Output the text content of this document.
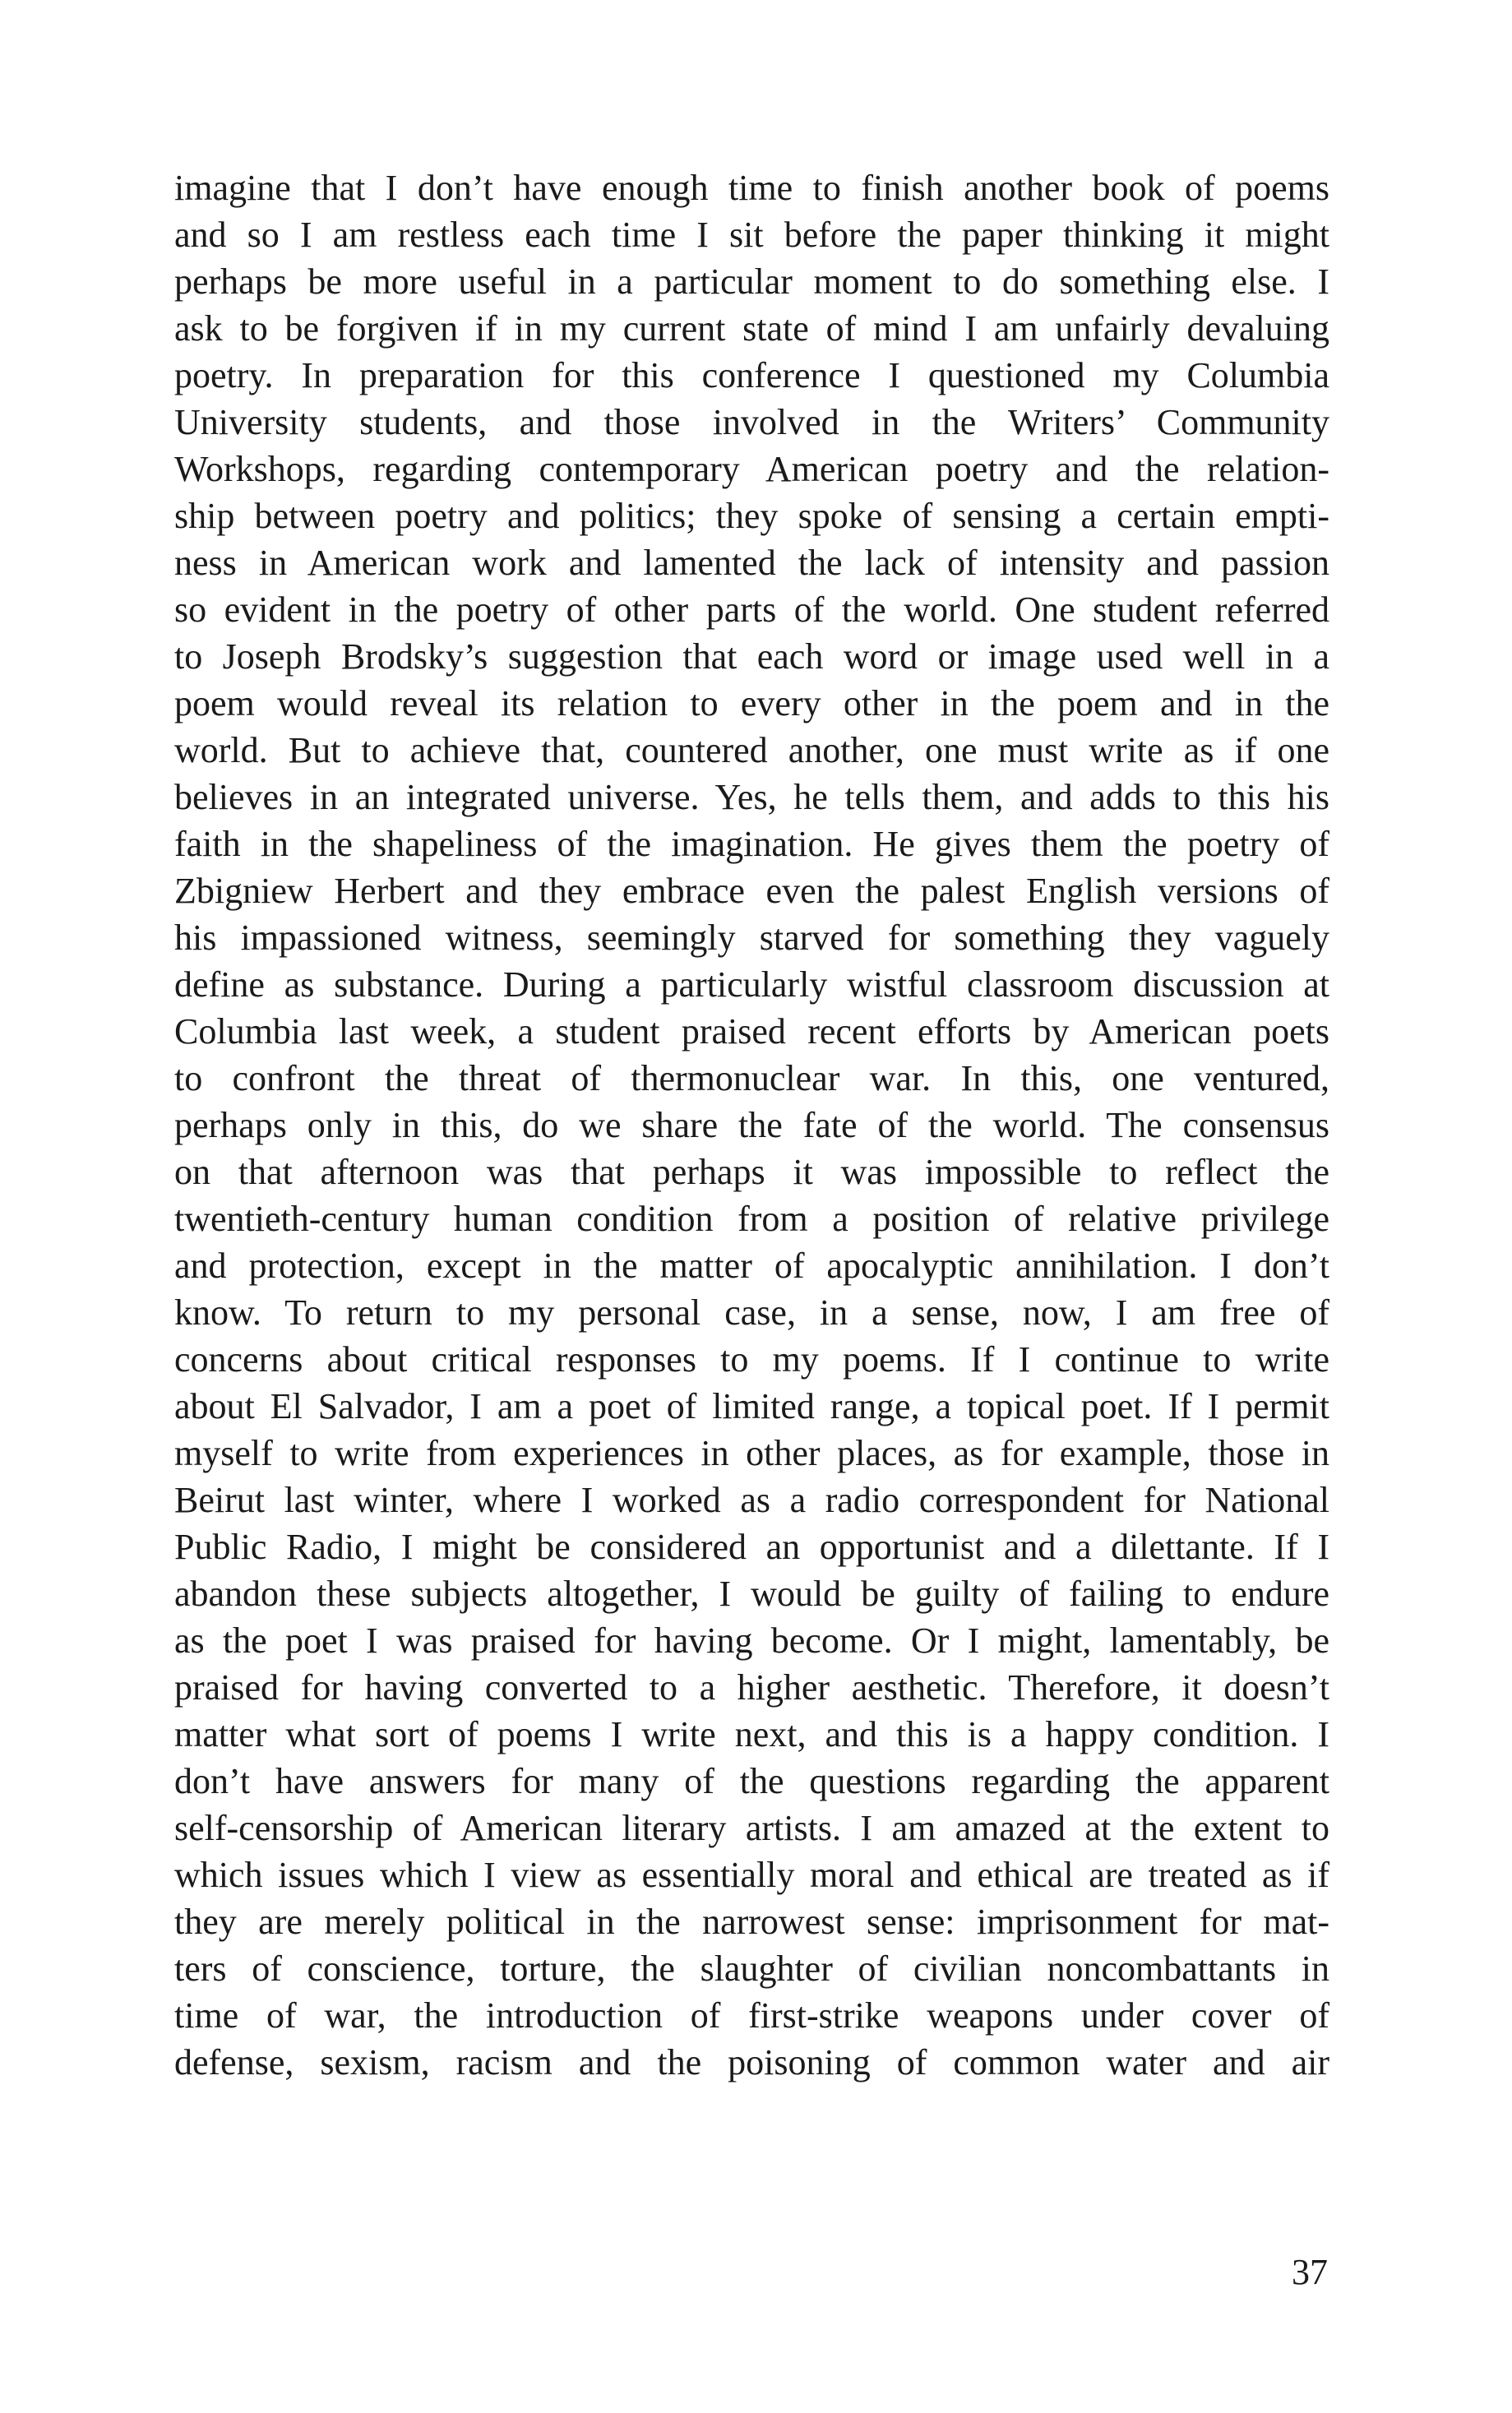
imagine that I don’t have enough time to finish another book of poems
and so I am restless each time I sit before the paper thinking it might
perhaps be more useful in a particular moment to do something else. I
ask to be forgiven if in my current state of mind I am unfairly devaluing
poetry. In preparation for this conference I questioned my Columbia
University students, and those involved in the Writers’ Community
Workshops, regarding contemporary American poetry and the relation-
ship between poetry and politics; they spoke of sensing a certain empti-
ness in American work and lamented the lack of intensity and passion
so evident in the poetry of other parts of the world. One student referred
to Joseph Brodsky’s suggestion that each word or image used well in a
poem would reveal its relation to every other in the poem and in the
world. But to achieve that, countered another, one must write as if one
believes in an integrated universe. Yes, he tells them, and adds to this his
faith in the shapeliness of the imagination. He gives them the poetry of
Zbigniew Herbert and they embrace even the palest English versions of
his impassioned witness, seemingly starved for something they vaguely
define as substance. During a particularly wistful classroom discussion at
Columbia last week, a student praised recent efforts by American poets
to confront the threat of thermonuclear war. In this, one ventured,
perhaps only in this, do we share the fate of the world. The consensus
on that afternoon was that perhaps it was impossible to reflect the
twentieth-century human condition from a position of relative privilege
and protection, except in the matter of apocalyptic annihilation. I don’t
know. To return to my personal case, in a sense, now, I am free of
concerns about critical responses to my poems. If I continue to write
about El Salvador, I am a poet of limited range, a topical poet. If I permit
myself to write from experiences in other places, as for example, those in
Beirut last winter, where I worked as a radio correspondent for National
Public Radio, I might be considered an opportunist and a dilettante. If I
abandon these subjects altogether, I would be guilty of failing to endure
as the poet I was praised for having become. Or I might, lamentably, be
praised for having converted to a higher aesthetic. Therefore, it doesn’t
matter what sort of poems I write next, and this is a happy condition. I
don’t have answers for many of the questions regarding the apparent
self-censorship of American literary artists. I am amazed at the extent to
which issues which I view as essentially moral and ethical are treated as if
they are merely political in the narrowest sense: imprisonment for mat-
ters of conscience, torture, the slaughter of civilian noncombattants in
time of war, the introduction of first-strike weapons under cover of
defense, sexism, racism and the poisoning of common water and air
37
